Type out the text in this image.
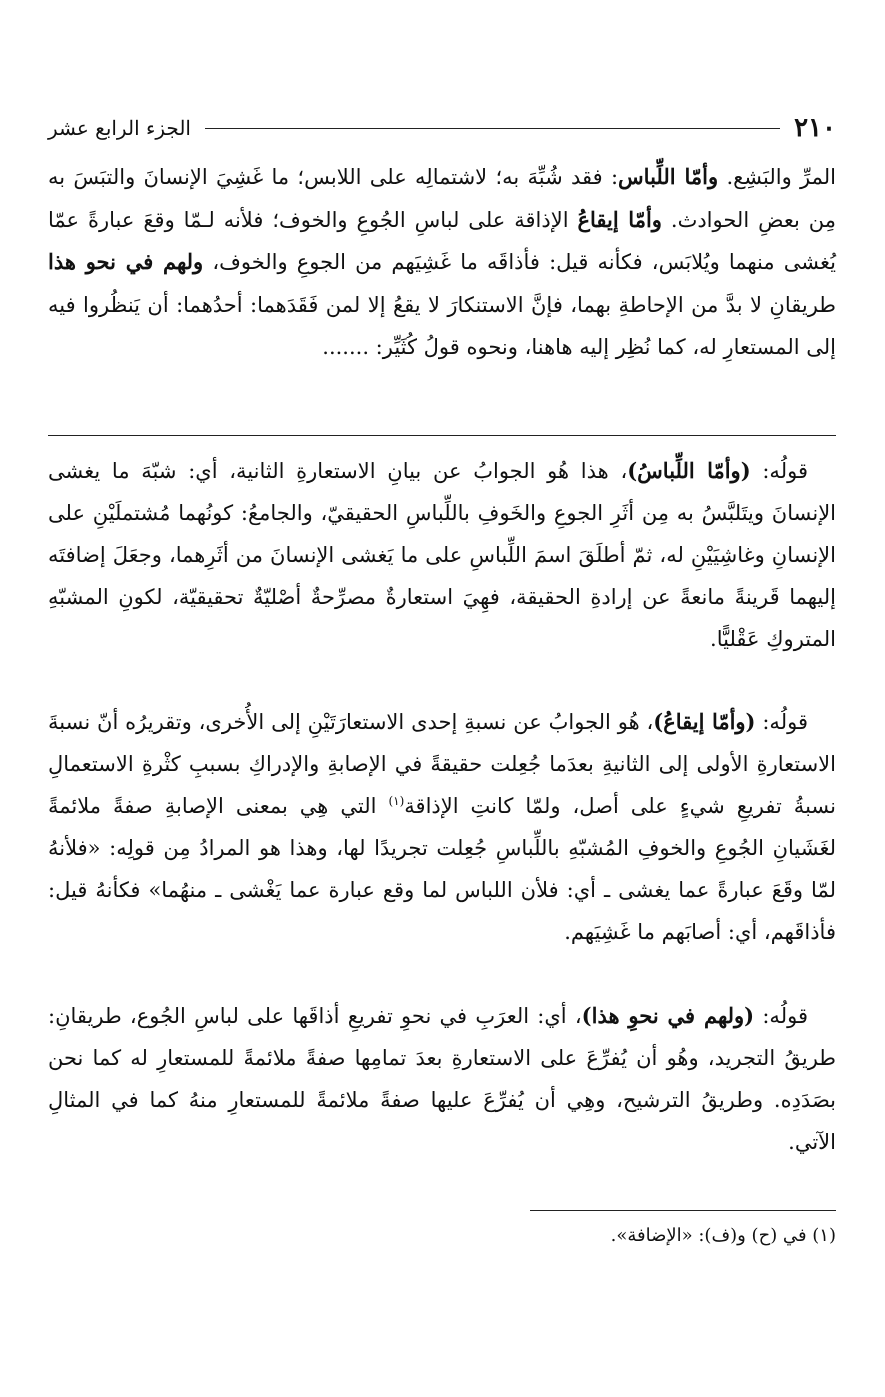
٢١٠
الجزء الرابع عشر

المرِّ والبَشِع. وأمّا اللِّباس: فقد شُبِّهَ به؛ لاشتمالِه على اللابس؛ ما غَشِيَ الإنسانَ والتبَسَ به مِن بعضِ الحوادث. وأمّا إيقاعُ الإذاقة على لباسِ الجُوعِ والخوف؛ فلأنه لـمّا وقعَ عبارةً عمّا يُغشى منهما ويُلابَس، فكأنه قيل: فأذاقَه ما غَشِيَهم من الجوعِ والخوف، ولهم في نحو هذا طريقانِ لا بدَّ من الإحاطةِ بهما، فإنَّ الاستنكارَ لا يقعُ إلا لمن فَقَدَهما: أحدُهما: أن يَنظُروا فيه إلى المستعارِ له، كما نُظِر إليه هاهنا، ونحوه قولُ كُثَيِّر: .......

قولُه: (وأمّا اللِّباسُ)، هذا هُو الجوابُ عن بيانِ الاستعارةِ الثانية، أي: شبّهَ ما يغشى الإنسانَ ويتَلبَّسُ به مِن أثَرِ الجوعِ والخَوفِ باللِّباسِ الحقيقيّ، والجامعُ: كونُهما مُشتملَيْنِ على الإنسانِ وغاشِيَيْنِ له، ثمّ أطلَقَ اسمَ اللِّباسِ على ما يَغشى الإنسانَ من أثَرِهما، وجعَلَ إضافتَه إليهما قَرينةً مانعةً عن إرادةِ الحقيقة، فهِيَ استعارةٌ مصرِّحةٌ أصْليّةٌ تحقيقيّة، لكونِ المشبّهِ المتروكِ عَقْليًّا.

قولُه: (وأمّا إيقاعُ)، هُو الجوابُ عن نسبةِ إحدى الاستعارَتَيْنِ إلى الأُخرى، وتقريرُه أنّ نسبةَ الاستعارةِ الأولى إلى الثانيةِ بعدَما جُعِلت حقيقةً في الإصابةِ والإدراكِ بسببِ كثْرةِ الاستعمالِ نسبةُ تفريعِ شيءٍ على أصل، ولمّا كانتِ الإذاقة$^{(١)}$ التي هِي بمعنى الإصابةِ صفةً ملائمةً لغَشَيانِ الجُوعِ والخوفِ المُشبّهِ باللِّباسِ جُعِلت تجريدًا لها، وهذا هو المرادُ مِن قولِه: «فلأنهُ لمّا وقَعَ عبارةً عما يغشى ـ أي: فلأن اللباس لما وقع عبارة عما يَغْشى ـ منهُما» فكأنهُ قيل: فأذاقَهم، أي: أصابَهم ما غَشِيَهم.

قولُه: (ولهم في نحوِ هذا)، أي: العرَبِ في نحوِ تفريعِ أذاقَها على لباسِ الجُوع، طريقانِ: طريقُ التجريد، وهُو أن يُفرِّعَ على الاستعارةِ بعدَ تمامِها صفةً ملائمةً للمستعارِ له كما نحن بصَدَدِه. وطريقُ الترشيح، وهِي أن يُفرِّعَ عليها صفةً ملائمةً للمستعارِ منهُ كما في المثالِ الآتي.

(١) في (ح) و(ف): «الإضافة».
